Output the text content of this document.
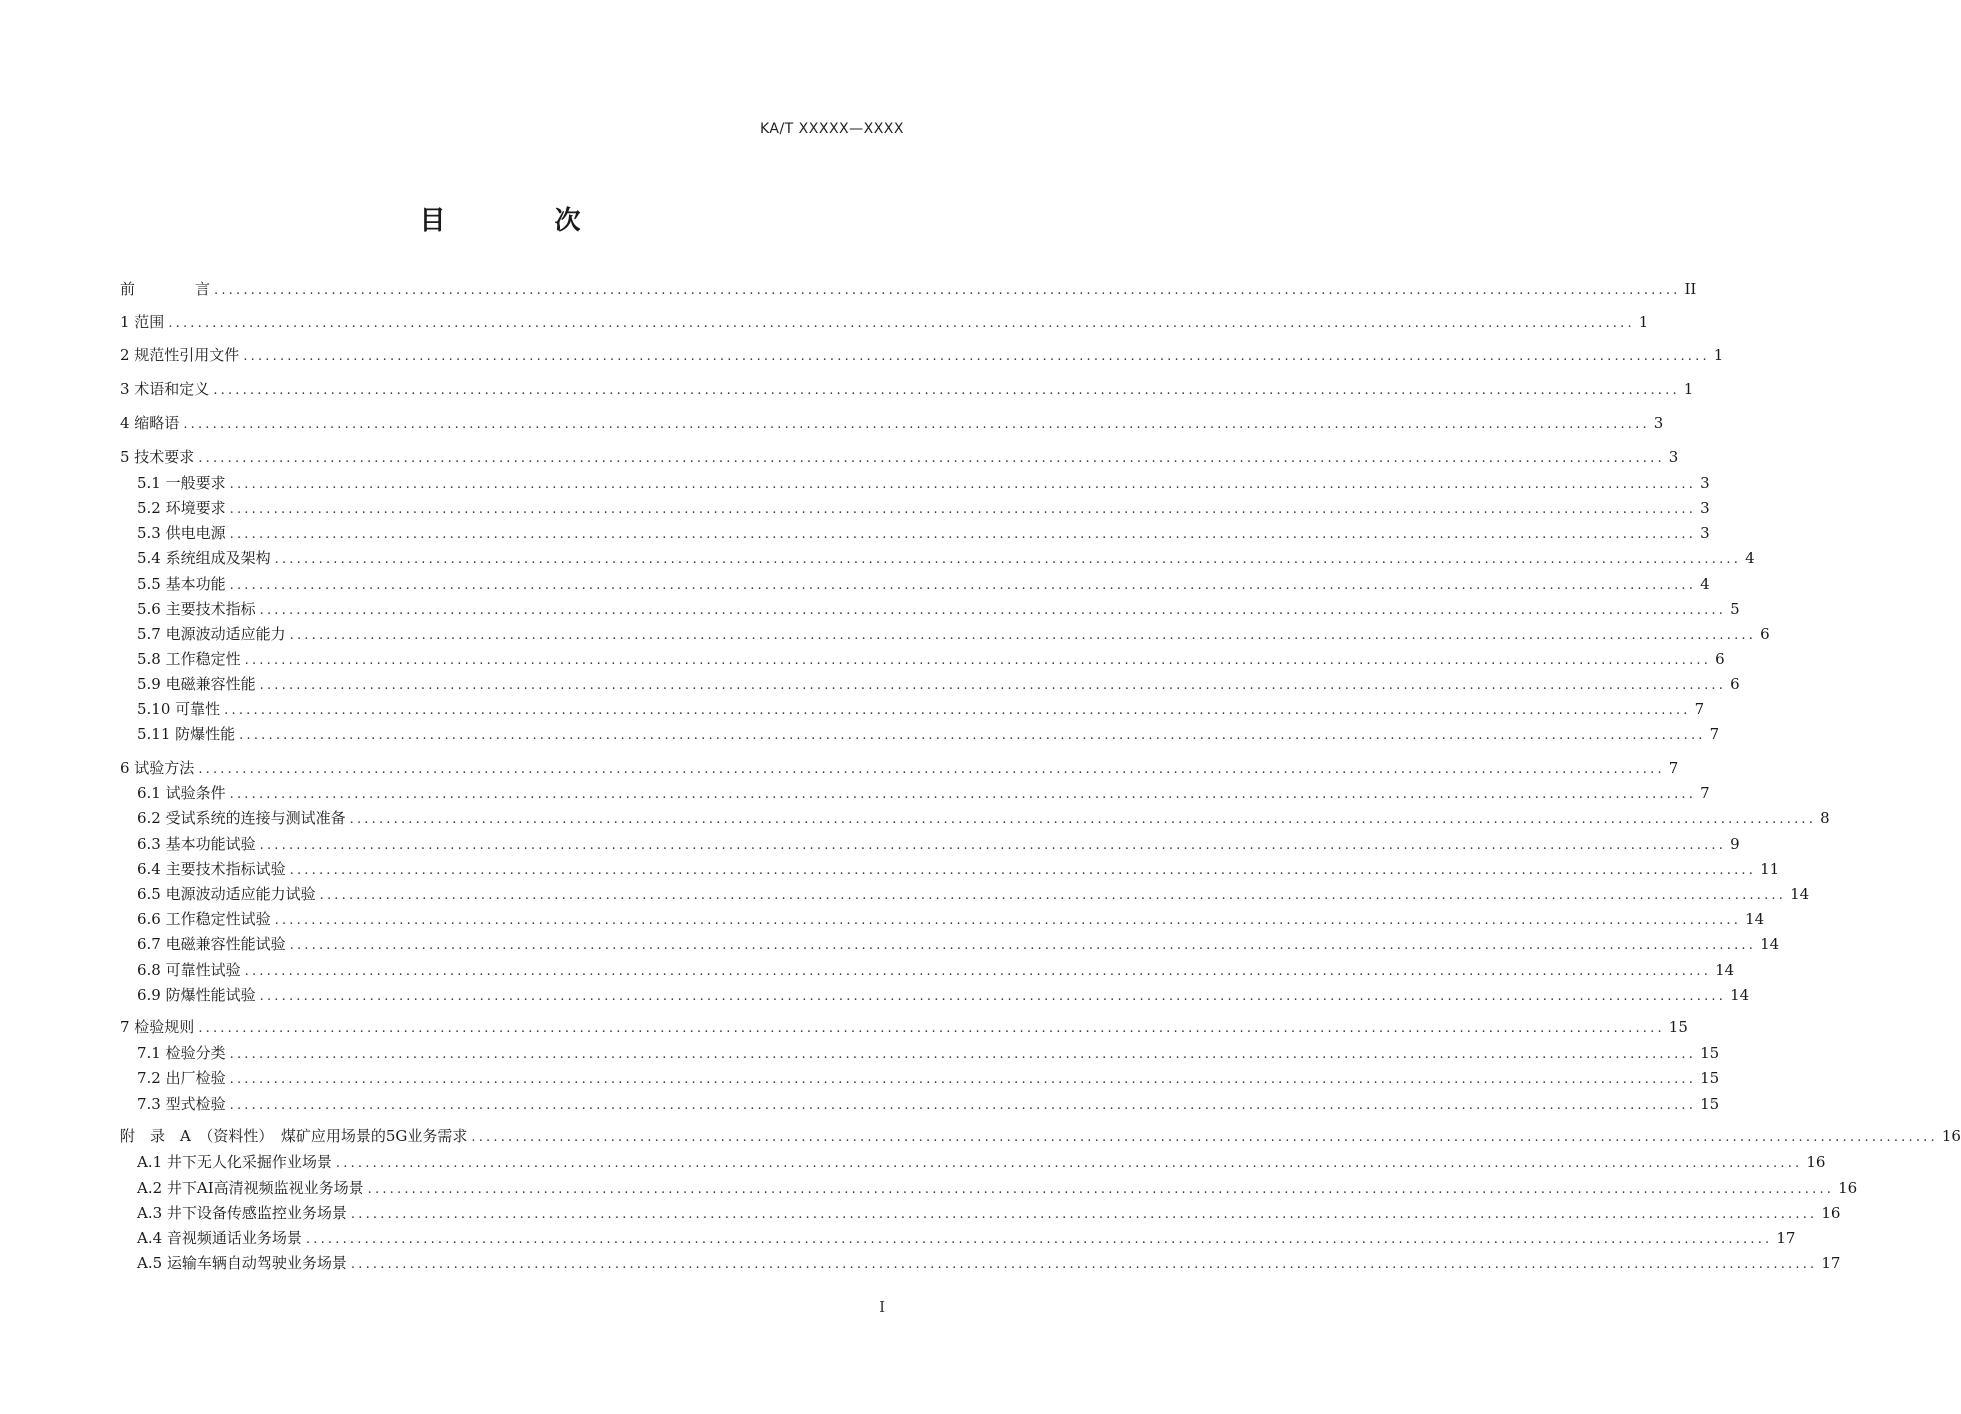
KA/T XXXXX—XXXX
目 次
前　　　　言 ........................................................................................................................................................................................................ II
1 范围 ........................................................................................................................................................................................................ 1
2 规范性引用文件 ........................................................................................................................................................................................................ 1
3 术语和定义 ........................................................................................................................................................................................................ 1
4 缩略语 ........................................................................................................................................................................................................ 3
5 技术要求 ........................................................................................................................................................................................................ 3
5.1 一般要求 ........................................................................................................................................................................................................ 3
5.2 环境要求 ........................................................................................................................................................................................................ 3
5.3 供电电源 ........................................................................................................................................................................................................ 3
5.4 系统组成及架构 ........................................................................................................................................................................................................ 4
5.5 基本功能 ........................................................................................................................................................................................................ 4
5.6 主要技术指标 ........................................................................................................................................................................................................ 5
5.7 电源波动适应能力 ........................................................................................................................................................................................................ 6
5.8 工作稳定性 ........................................................................................................................................................................................................ 6
5.9 电磁兼容性能 ........................................................................................................................................................................................................ 6
5.10 可靠性 ........................................................................................................................................................................................................ 7
5.11 防爆性能 ........................................................................................................................................................................................................ 7
6 试验方法 ........................................................................................................................................................................................................ 7
6.1 试验条件 ........................................................................................................................................................................................................ 7
6.2 受试系统的连接与测试准备 ........................................................................................................................................................................................................ 8
6.3 基本功能试验 ........................................................................................................................................................................................................ 9
6.4 主要技术指标试验 ........................................................................................................................................................................................................ 11
6.5 电源波动适应能力试验 ........................................................................................................................................................................................................ 14
6.6 工作稳定性试验 ........................................................................................................................................................................................................ 14
6.7 电磁兼容性能试验 ........................................................................................................................................................................................................ 14
6.8 可靠性试验 ........................................................................................................................................................................................................ 14
6.9 防爆性能试验 ........................................................................................................................................................................................................ 14
7 检验规则 ........................................................................................................................................................................................................ 15
7.1 检验分类 ........................................................................................................................................................................................................ 15
7.2 出厂检验 ........................................................................................................................................................................................................ 15
7.3 型式检验 ........................................................................................................................................................................................................ 15
附　录　A　（资料性）　煤矿应用场景的5G业务需求 ........................................................................................................................................................................................................ 16
A.1 井下无人化采掘作业场景 ........................................................................................................................................................................................................ 16
A.2 井下AI高清视频监视业务场景 ........................................................................................................................................................................................................ 16
A.3 井下设备传感监控业务场景 ........................................................................................................................................................................................................ 16
A.4 音视频通话业务场景 ........................................................................................................................................................................................................ 17
A.5 运输车辆自动驾驶业务场景 ........................................................................................................................................................................................................ 17
I
